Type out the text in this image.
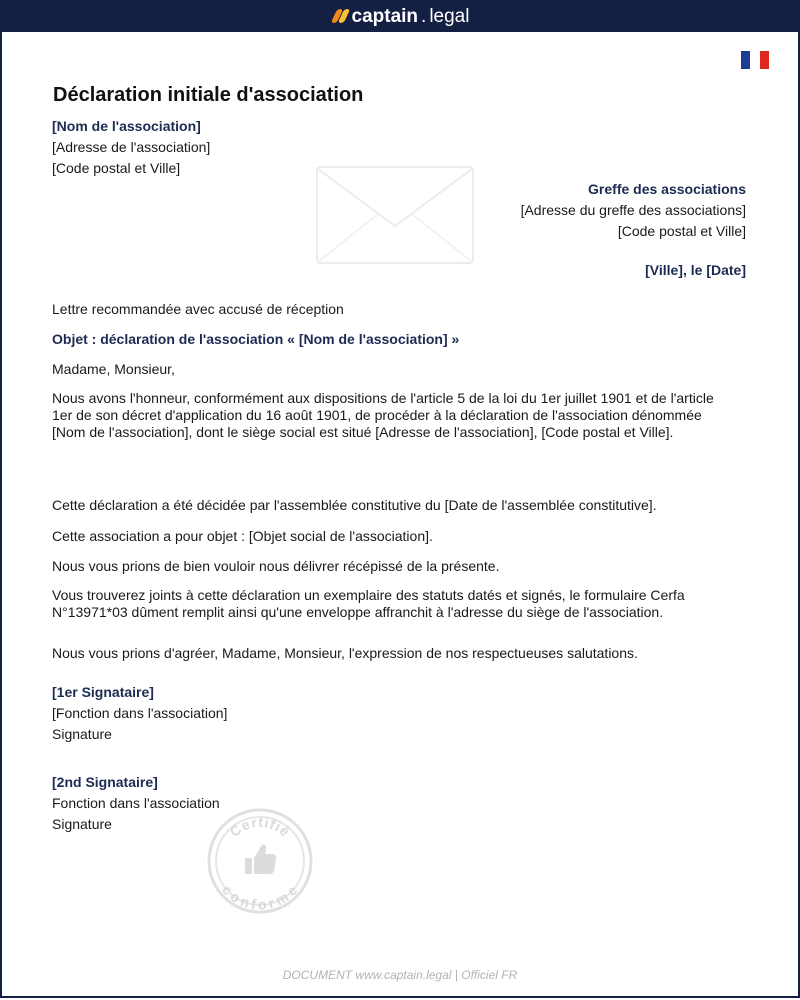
captain . legal
Déclaration initiale d'association
[Nom de l'association]
[Adresse de l'association]
[Code postal et Ville]
Greffe des associations
[Adresse du greffe des associations]
[Code postal et Ville]
[Ville], le [Date]
Lettre recommandée avec accusé de réception
Objet : déclaration de l'association « [Nom de l'association] »
Madame, Monsieur,
Nous avons l'honneur, conformément aux dispositions de l'article 5 de la loi du 1er juillet 1901 et de l'article 1er de son décret d'application du 16 août 1901, de procéder à la déclaration de l'association dénommée [Nom de l'association], dont le siège social est situé [Adresse de l'association], [Code postal et Ville].
Cette déclaration a été décidée par l'assemblée constitutive du [Date de l'assemblée constitutive].
Cette association a pour objet : [Objet social de l'association].
Nous vous prions de bien vouloir nous délivrer récépissé de la présente.
Vous trouverez joints à cette déclaration un exemplaire des statuts datés et signés, le formulaire Cerfa N°13971*03 dûment remplit ainsi qu'une enveloppe affranchit à l'adresse du siège de l'association.
Nous vous prions d'agréer, Madame, Monsieur, l'expression de nos respectueuses salutations.
[1er Signataire]
[Fonction dans l'association]
Signature
[2nd Signataire]
Fonction dans l'association
Signature	Certifié
conforme
DOCUMENT www.captain.legal | Officiel FR
